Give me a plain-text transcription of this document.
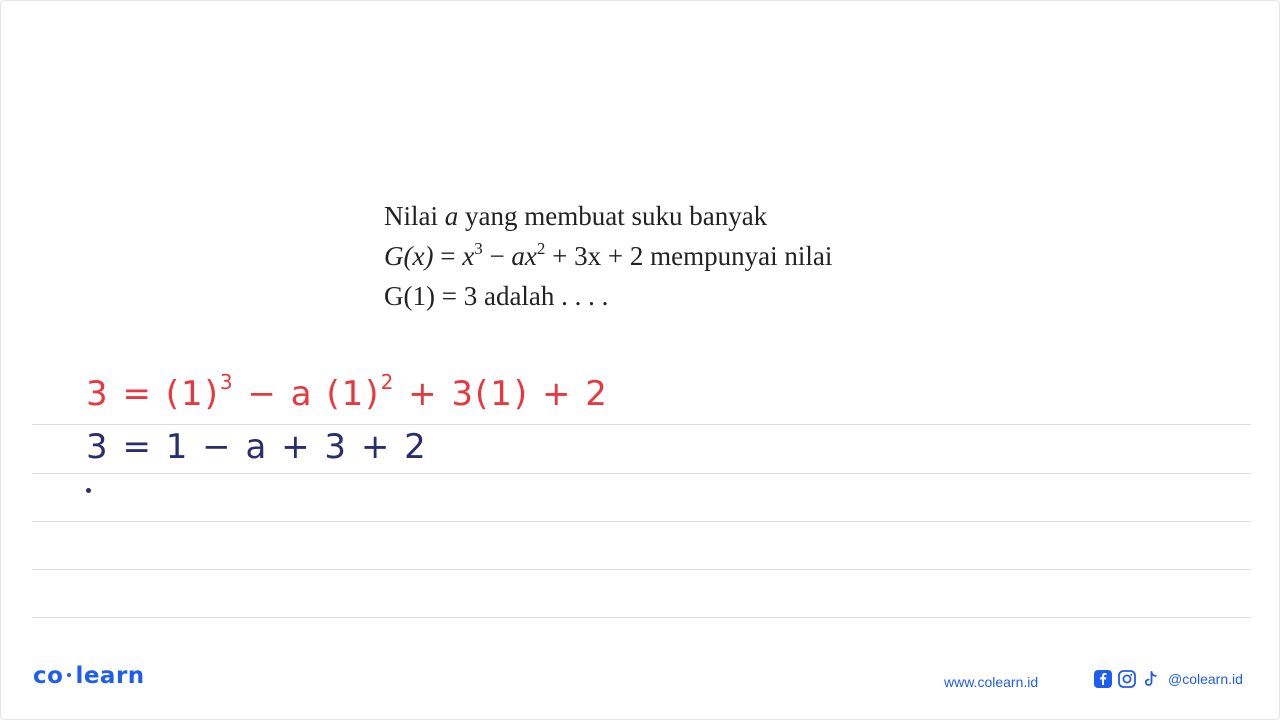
Nilai a yang membuat suku banyak
$G(x) = x^3 - ax^2 + 3x + 2$ mempunyai nilai
G(1) = 3 adalah . . . .
$3 = (1)^3 - a$ $(1)^2 + 3(1) + 2$
3 = 1 − a + 3 + 2
co learn	www.colearn.id	@colearn.id
